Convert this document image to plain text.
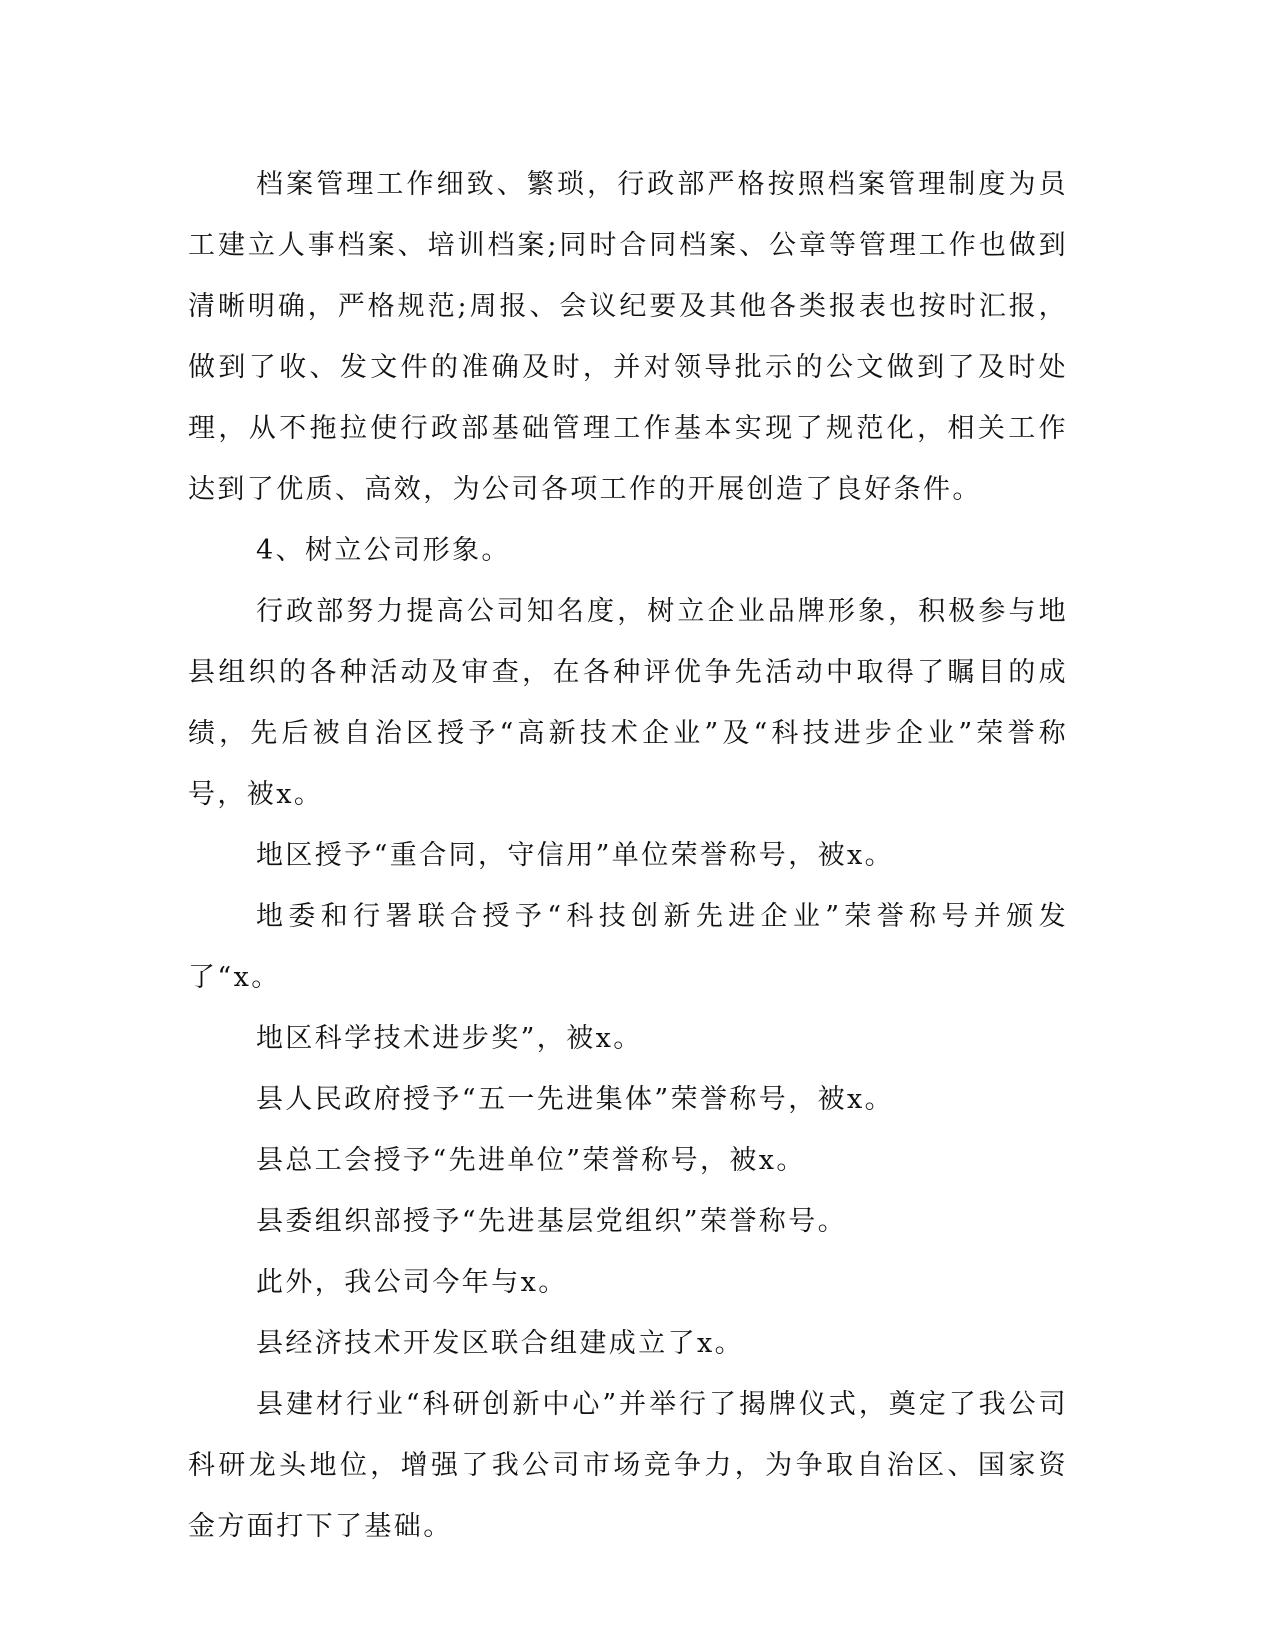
档案管理工作细致、繁琐，行政部严格按照档案管理制度为员工建立人事档案、培训档案;同时合同档案、公章等管理工作也做到清晰明确，严格规范;周报、会议纪要及其他各类报表也按时汇报，做到了收、发文件的准确及时，并对领导批示的公文做到了及时处理，从不拖拉使行政部基础管理工作基本实现了规范化，相关工作达到了优质、高效，为公司各项工作的开展创造了良好条件。

4、树立公司形象。

行政部努力提高公司知名度，树立企业品牌形象，积极参与地县组织的各种活动及审查，在各种评优争先活动中取得了瞩目的成绩，先后被自治区授予“高新技术企业”及“科技进步企业”荣誉称号，被x。

地区授予“重合同，守信用”单位荣誉称号，被x。

地委和行署联合授予“科技创新先进企业”荣誉称号并颁发了“x。

地区科学技术进步奖”，被x。

县人民政府授予“五一先进集体”荣誉称号，被x。

县总工会授予“先进单位”荣誉称号，被x。

县委组织部授予“先进基层党组织”荣誉称号。

此外，我公司今年与x。

县经济技术开发区联合组建成立了x。

县建材行业“科研创新中心”并举行了揭牌仪式，奠定了我公司科研龙头地位，增强了我公司市场竞争力，为争取自治区、国家资金方面打下了基础。
